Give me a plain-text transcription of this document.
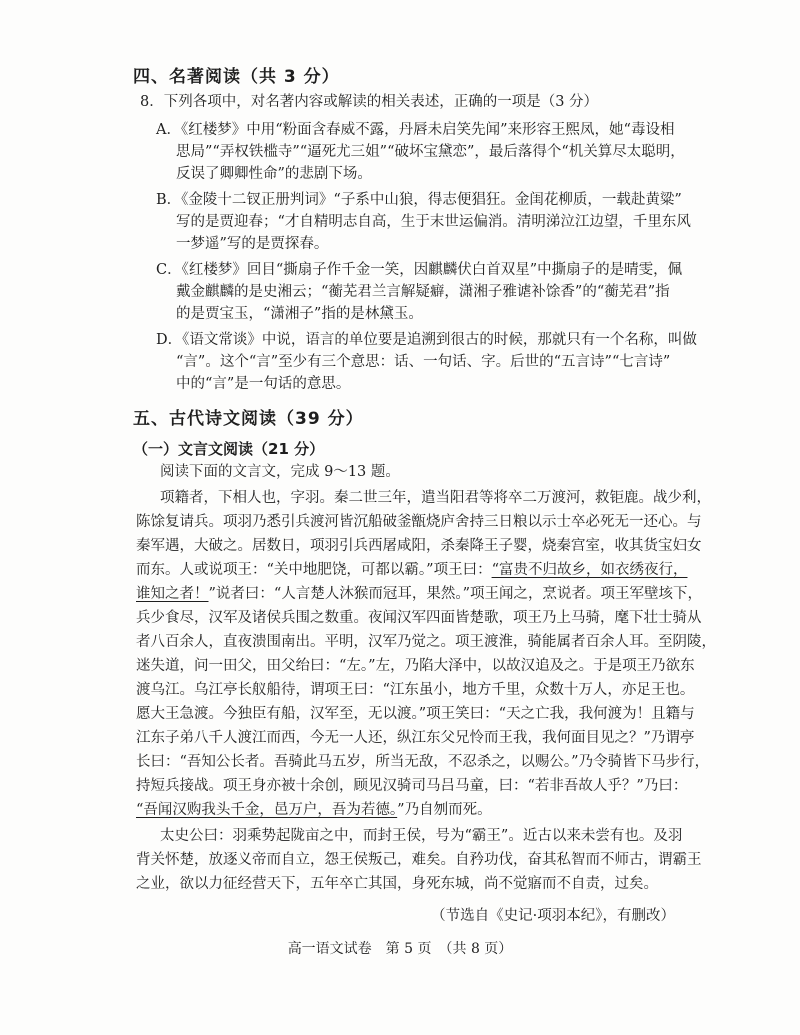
四、名著阅读（共 3 分）
8．下列各项中，对名著内容或解读的相关表述，正确的一项是（3 分）
A．《红楼梦》中用“粉面含春威不露，丹唇未启笑先闻”来形容王熙凤，她“毒设相
思局”“弄权铁槛寺”“逼死尤三姐”“破坏宝黛恋”，最后落得个“机关算尽太聪明，
反误了卿卿性命”的悲剧下场。
B．《金陵十二钗正册判词》“子系中山狼，得志便猖狂。金闺花柳质，一载赴黄粱”
写的是贾迎春；“才自精明志自高，生于末世运偏消。清明涕泣江边望，千里东风
一梦遥”写的是贾探春。
C．《红楼梦》回目“撕扇子作千金一笑，因麒麟伏白首双星”中撕扇子的是晴雯，佩
戴金麒麟的是史湘云；“蘅芜君兰言解疑癖，潇湘子雅谑补馀香”的“蘅芜君”指
的是贾宝玉，“潇湘子”指的是林黛玉。
D．《语文常谈》中说，语言的单位要是追溯到很古的时候，那就只有一个名称，叫做
“言”。这个“言”至少有三个意思：话、一句话、字。后世的“五言诗”“七言诗”
中的“言”是一句话的意思。
五、古代诗文阅读（39 分）
（一）文言文阅读（21 分）
阅读下面的文言文，完成 9～13 题。
项籍者，下相人也，字羽。秦二世三年，遣当阳君等将卒二万渡河，救钜鹿。战少利，
陈馀复请兵。项羽乃悉引兵渡河皆沉船破釜甑烧庐舍持三日粮以示士卒必死无一还心。与
秦军遇，大破之。居数日，项羽引兵西屠咸阳，杀秦降王子婴，烧秦宫室，收其货宝妇女
而东。人或说项王：“关中地肥饶，可都以霸。”项王曰：“富贵不归故乡，如衣绣夜行，
谁知之者！”说者曰：“人言楚人沐猴而冠耳，果然。”项王闻之，烹说者。项王军壁垓下，
兵少食尽，汉军及诸侯兵围之数重。夜闻汉军四面皆楚歌，项王乃上马骑，麾下壮士骑从
者八百余人，直夜溃围南出。平明，汉军乃觉之。项王渡淮，骑能属者百余人耳。至阴陵，
迷失道，问一田父，田父绐曰：“左。”左，乃陷大泽中，以故汉追及之。于是项王乃欲东
渡乌江。乌江亭长舣船待，谓项王曰：“江东虽小，地方千里，众数十万人，亦足王也。
愿大王急渡。今独臣有船，汉军至，无以渡。”项王笑曰：“天之亡我，我何渡为！且籍与
江东子弟八千人渡江而西，今无一人还，纵江东父兄怜而王我，我何面目见之？”乃谓亭
长曰：“吾知公长者。吾骑此马五岁，所当无敌，不忍杀之，以赐公。”乃令骑皆下马步行，
持短兵接战。项王身亦被十余创，顾见汉骑司马吕马童，曰：“若非吾故人乎？”乃曰：
“吾闻汉购我头千金，邑万户，吾为若德。”乃自刎而死。
太史公曰：羽乘势起陇亩之中，而封王侯，号为“霸王”。近古以来未尝有也。及羽
背关怀楚，放逐义帝而自立，怨王侯叛己，难矣。自矜功伐，奋其私智而不师古，谓霸王
之业，欲以力征经营天下，五年卒亡其国，身死东城，尚不觉寤而不自责，过矣。
（节选自《史记·项羽本纪》，有删改）
高一语文试卷　第 5 页　（共 8 页）
